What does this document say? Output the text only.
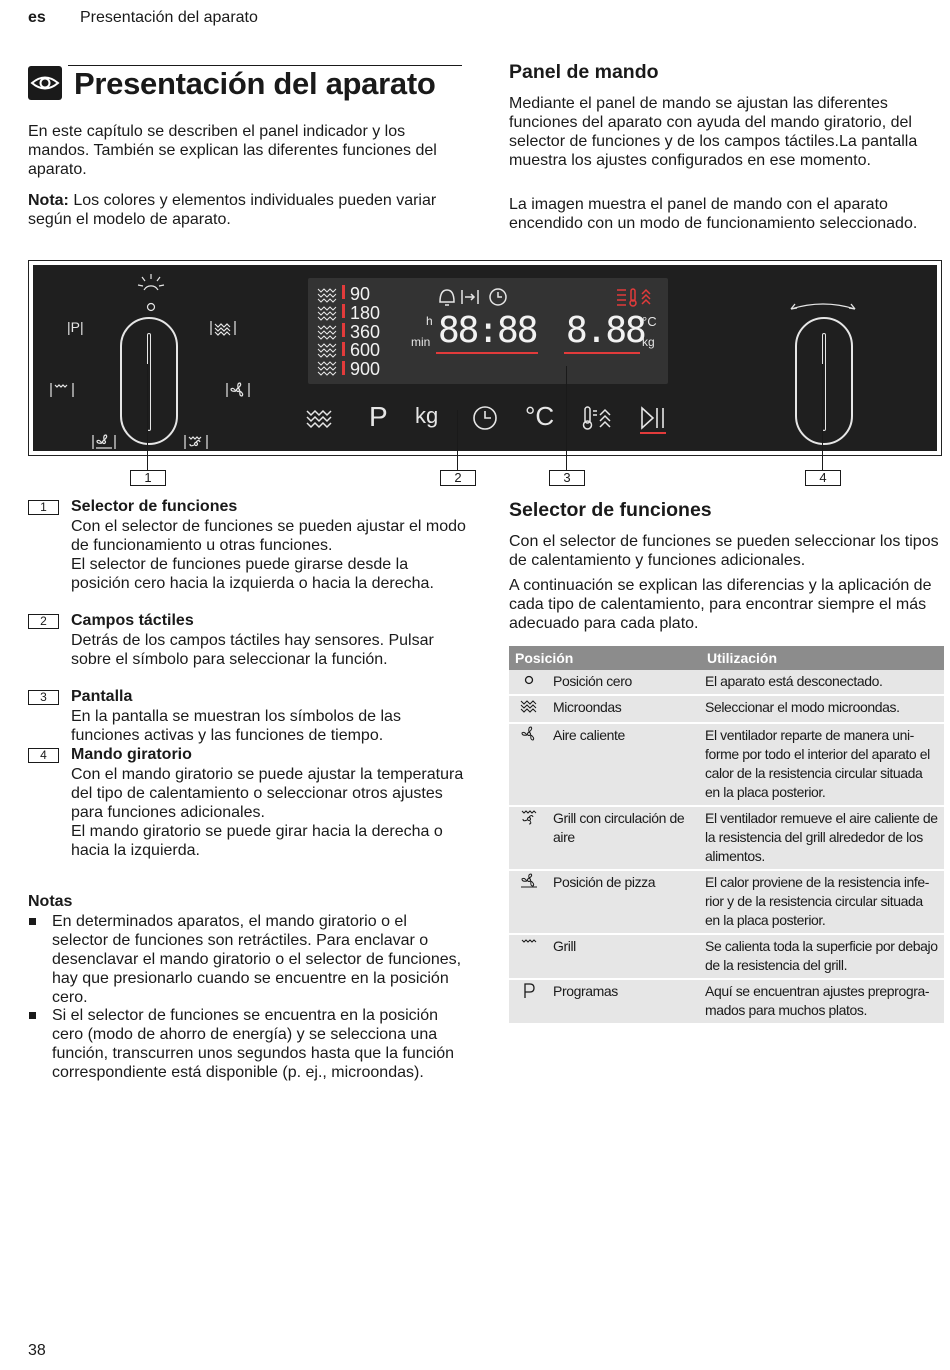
es Presentación del aparato
Presentación del aparato

En este capítulo se describen el panel indicador y los mandos. También se explican las diferentes funciones del aparato.

Nota: Los colores y elementos individuales pueden variar según el modelo de aparato.

Panel de mando

Mediante el panel de mando se ajustan las diferentes funciones del aparato con ayuda del mando giratorio, del selector de funciones y de los campos táctiles.La pantalla muestra los ajustes configurados en ese momento.

La imagen muestra el panel de mando con el aparato encendido con un modo de funcionamiento seleccionado.

|P|
90
180
360
600
900
h
min 88:88 8.88
°C
kg
P kg	°C
1	2	3	4
1	Selector de funciones
Con el selector de funciones se pueden ajustar el modo de funcionamiento u otras funciones.
El selector de funciones puede girarse desde la posición cero hacia la izquierda o hacia la derecha.
2	Campos táctiles
Detrás de los campos táctiles hay sensores. Pulsar sobre el símbolo para seleccionar la función.
3	Pantalla
En la pantalla se muestran los símbolos de las funciones activas y las funciones de tiempo.
4	Mando giratorio
Con el mando giratorio se puede ajustar la temperatura del tipo de calentamiento o seleccionar otros ajustes para funciones adicionales.
El mando giratorio se puede girar hacia la derecha o hacia la izquierda.
Notas

En determinados aparatos, el mando giratorio o el selector de funciones son retráctiles. Para enclavar o desenclavar el mando giratorio o el selector de funciones, hay que presionarlo cuando se encuentre en la posición cero.

Si el selector de funciones se encuentra en la posición cero (modo de ahorro de energía) y se selecciona una función, transcurren unos segundos hasta que la función correspondiente está disponible (p. ej., microondas).

Selector de funciones

Con el selector de funciones se pueden seleccionar los tipos de calentamiento y funciones adicionales.

A continuación se explican las diferencias y la aplicación de cada tipo de calentamiento, para encontrar siempre el más adecuado para cada plato.

Posición		Utilización
	Posición cero	El aparato está desconectado.
	Microondas	Seleccionar el modo microondas.
	Aire caliente	El ventilador reparte de manera uni-forme por todo el interior del aparato el calor de la resistencia circular situada en la placa posterior.
	Grill con circulación de aire	El ventilador remueve el aire caliente de la resistencia del grill alrededor de los alimentos.
	Posición de pizza	El calor proviene de la resistencia infe-rior y de la resistencia circular situada en la placa posterior.
	Grill	Se calienta toda la superficie por debajo de la resistencia del grill.
	Programas	Aquí se encuentran ajustes preprogra-mados para muchos platos.
38
